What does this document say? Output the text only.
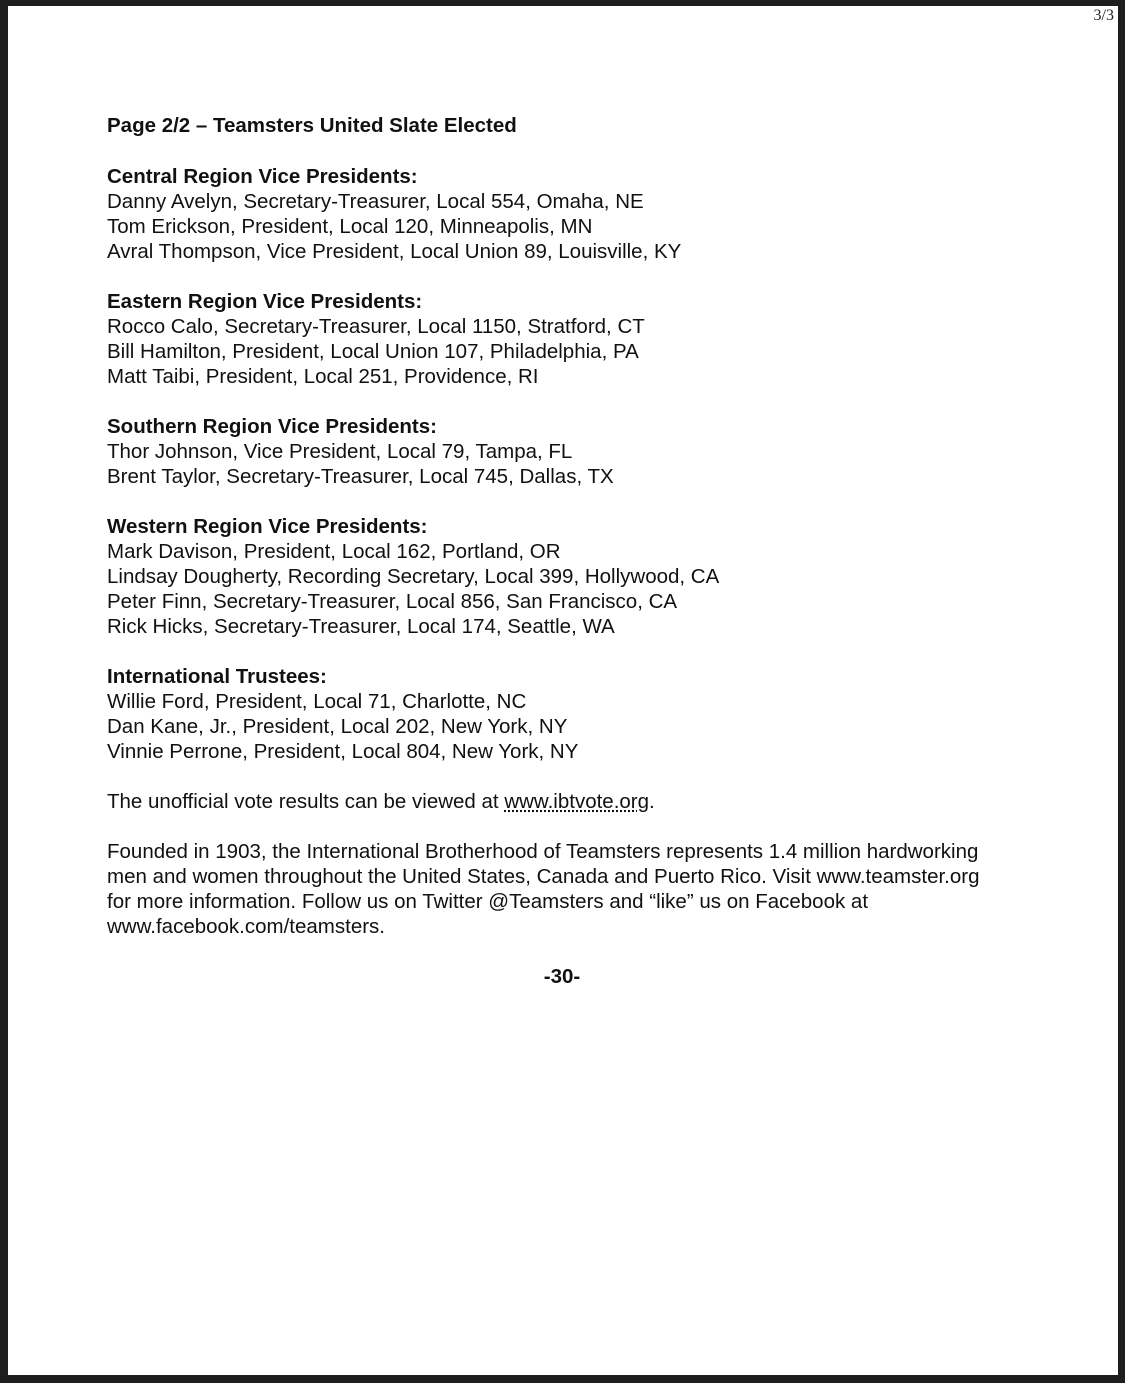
3/3

Page 2/2 – Teamsters United Slate Elected

Central Region Vice Presidents:

Danny Avelyn, Secretary-Treasurer, Local 554, Omaha, NE

Tom Erickson, President, Local 120, Minneapolis, MN

Avral Thompson, Vice President, Local Union 89, Louisville, KY

Eastern Region Vice Presidents:

Rocco Calo, Secretary-Treasurer, Local 1150, Stratford, CT

Bill Hamilton, President, Local Union 107, Philadelphia, PA

Matt Taibi, President, Local 251, Providence, RI

Southern Region Vice Presidents:

Thor Johnson, Vice President, Local 79, Tampa, FL

Brent Taylor, Secretary-Treasurer, Local 745, Dallas, TX

Western Region Vice Presidents:

Mark Davison, President, Local 162, Portland, OR

Lindsay Dougherty, Recording Secretary, Local 399, Hollywood, CA

Peter Finn, Secretary-Treasurer, Local 856, San Francisco, CA

Rick Hicks, Secretary-Treasurer, Local 174, Seattle, WA

International Trustees:

Willie Ford, President, Local 71, Charlotte, NC

Dan Kane, Jr., President, Local 202, New York, NY

Vinnie Perrone, President, Local 804, New York, NY

The unofficial vote results can be viewed at www.ibtvote.org.

Founded in 1903, the International Brotherhood of Teamsters represents 1.4 million hardworking men and women throughout the United States, Canada and Puerto Rico. Visit www.teamster.org for more information. Follow us on Twitter @Teamsters and “like” us on Facebook at www.facebook.com/teamsters.

-30-
